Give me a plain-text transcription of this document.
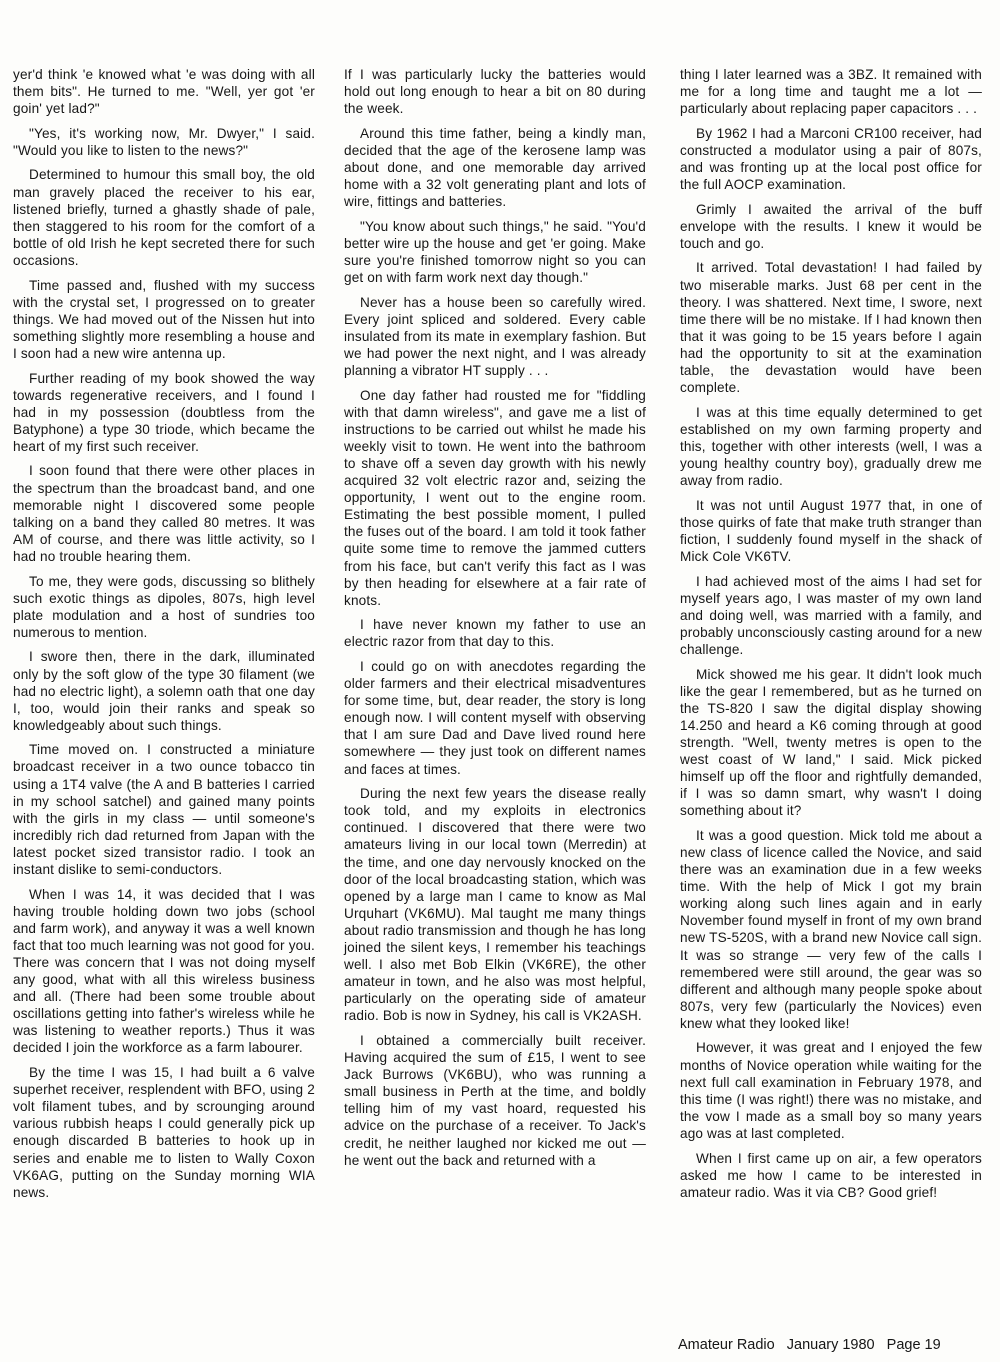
yer'd think 'e knowed what 'e was doing with all them bits". He turned to me. "Well, yer got 'er goin' yet lad?"

"Yes, it's working now, Mr. Dwyer," I said. "Would you like to listen to the news?"

Determined to humour this small boy, the old man gravely placed the receiver to his ear, listened briefly, turned a ghastly shade of pale, then staggered to his room for the comfort of a bottle of old Irish he kept secreted there for such occasions.

Time passed and, flushed with my success with the crystal set, I progressed on to greater things. We had moved out of the Nissen hut into something slightly more resembling a house and I soon had a new wire antenna up.

Further reading of my book showed the way towards regenerative receivers, and I found I had in my possession (doubtless from the Batyphone) a type 30 triode, which became the heart of my first such receiver.

I soon found that there were other places in the spectrum than the broadcast band, and one memorable night I discovered some people talking on a band they called 80 metres. It was AM of course, and there was little activity, so I had no trouble hearing them.

To me, they were gods, discussing so blithely such exotic things as dipoles, 807s, high level plate modulation and a host of sundries too numerous to mention.

I swore then, there in the dark, illuminated only by the soft glow of the type 30 filament (we had no electric light), a solemn oath that one day I, too, would join their ranks and speak so knowledgeably about such things.

Time moved on. I constructed a miniature broadcast receiver in a two ounce tobacco tin using a 1T4 valve (the A and B batteries I carried in my school satchel) and gained many points with the girls in my class — until someone's incredibly rich dad returned from Japan with the latest pocket sized transistor radio. I took an instant dislike to semi-conductors.

When I was 14, it was decided that I was having trouble holding down two jobs (school and farm work), and anyway it was a well known fact that too much learning was not good for you. There was concern that I was not doing myself any good, what with all this wireless business and all. (There had been some trouble about oscillations getting into father's wireless while he was listening to weather reports.) Thus it was decided I join the workforce as a farm labourer.

By the time I was 15, I had built a 6 valve superhet receiver, resplendent with BFO, using 2 volt filament tubes, and by scrounging around various rubbish heaps I could generally pick up enough discarded B batteries to hook up in series and enable me to listen to Wally Coxon VK6AG, putting on the Sunday morning WIA news.

If I was particularly lucky the batteries would hold out long enough to hear a bit on 80 during the week.

Around this time father, being a kindly man, decided that the age of the kerosene lamp was about done, and one memorable day arrived home with a 32 volt generating plant and lots of wire, fittings and batteries.

"You know about such things," he said. "You'd better wire up the house and get 'er going. Make sure you're finished tomorrow night so you can get on with farm work next day though."

Never has a house been so carefully wired. Every joint spliced and soldered. Every cable insulated from its mate in exemplary fashion. But we had power the next night, and I was already planning a vibrator HT supply . . .

One day father had rousted me for "fiddling with that damn wireless", and gave me a list of instructions to be carried out whilst he made his weekly visit to town. He went into the bathroom to shave off a seven day growth with his newly acquired 32 volt electric razor and, seizing the opportunity, I went out to the engine room. Estimating the best possible moment, I pulled the fuses out of the board. I am told it took father quite some time to remove the jammed cutters from his face, but can't verify this fact as I was by then heading for elsewhere at a fair rate of knots.

I have never known my father to use an electric razor from that day to this.

I could go on with anecdotes regarding the older farmers and their electrical misadventures for some time, but, dear reader, the story is long enough now. I will content myself with observing that I am sure Dad and Dave lived round here somewhere — they just took on different names and faces at times.

During the next few years the disease really took told, and my exploits in electronics continued. I discovered that there were two amateurs living in our local town (Merredin) at the time, and one day nervously knocked on the door of the local broadcasting station, which was opened by a large man I came to know as Mal Urquhart (VK6MU). Mal taught me many things about radio transmission and though he has long joined the silent keys, I remember his teachings well. I also met Bob Elkin (VK6RE), the other amateur in town, and he also was most helpful, particularly on the operating side of amateur radio. Bob is now in Sydney, his call is VK2ASH.

I obtained a commercially built receiver. Having acquired the sum of £15, I went to see Jack Burrows (VK6BU), who was running a small business in Perth at the time, and boldly telling him of my vast hoard, requested his advice on the purchase of a receiver. To Jack's credit, he neither laughed nor kicked me out — he went out the back and returned with a

thing I later learned was a 3BZ. It remained with me for a long time and taught me a lot — particularly about replacing paper capacitors . . .

By 1962 I had a Marconi CR100 receiver, had constructed a modulator using a pair of 807s, and was fronting up at the local post office for the full AOCP examination.

Grimly I awaited the arrival of the buff envelope with the results. I knew it would be touch and go.

It arrived. Total devastation! I had failed by two miserable marks. Just 68 per cent in the theory. I was shattered. Next time, I swore, next time there will be no mistake. If I had known then that it was going to be 15 years before I again had the opportunity to sit at the examination table, the devastation would have been complete.

I was at this time equally determined to get established on my own farming property and this, together with other interests (well, I was a young healthy country boy), gradually drew me away from radio.

It was not until August 1977 that, in one of those quirks of fate that make truth stranger than fiction, I suddenly found myself in the shack of Mick Cole VK6TV.

I had achieved most of the aims I had set for myself years ago, I was master of my own land and doing well, was married with a family, and probably unconsciously casting around for a new challenge.

Mick showed me his gear. It didn't look much like the gear I remembered, but as he turned on the TS-820 I saw the digital display showing 14.250 and heard a K6 coming through at good strength. "Well, twenty metres is open to the west coast of W land," I said. Mick picked himself up off the floor and rightfully demanded, if I was so damn smart, why wasn't I doing something about it?

It was a good question. Mick told me about a new class of licence called the Novice, and said there was an examination due in a few weeks time. With the help of Mick I got my brain working along such lines again and in early November found myself in front of my own brand new TS-520S, with a brand new Novice call sign. It was so strange — very few of the calls I remembered were still around, the gear was so different and although many people spoke about 807s, very few (particularly the Novices) even knew what they looked like!

However, it was great and I enjoyed the few months of Novice operation while waiting for the next full call examination in February 1978, and this time (I was right!) there was no mistake, and the vow I made as a small boy so many years ago was at last completed.

When I first came up on air, a few operators asked me how I came to be interested in amateur radio. Was it via CB? Good grief!

Amateur Radio January 1980 Page 19
